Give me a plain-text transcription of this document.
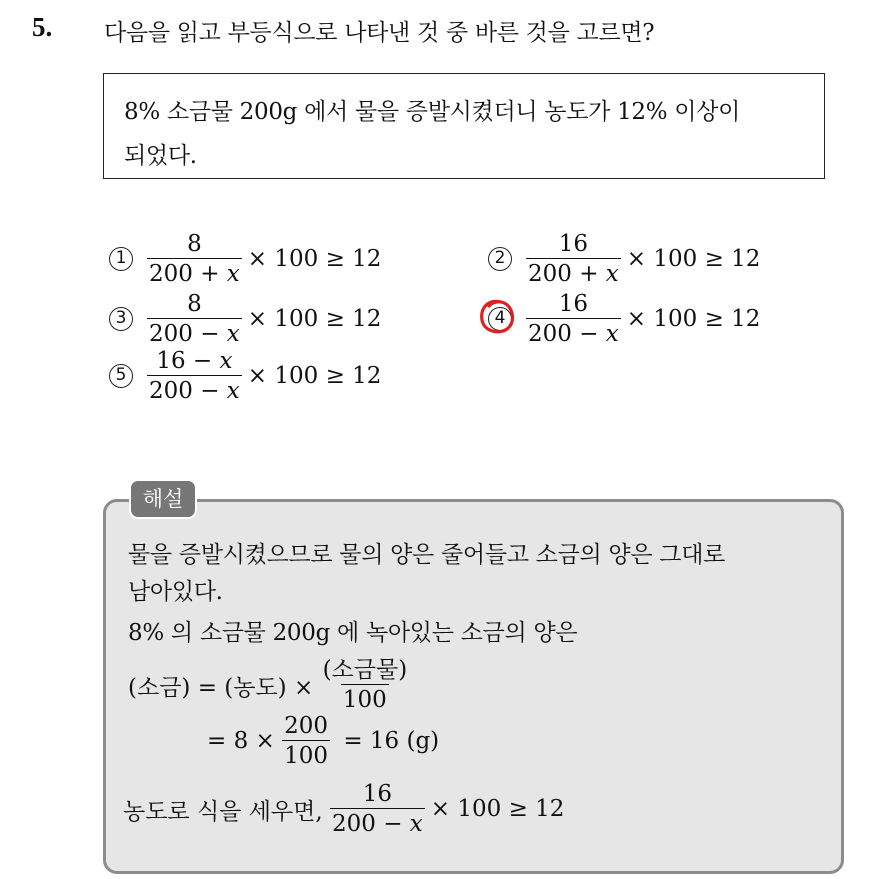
5. 다음을 읽고 부등식으로 나타낸 것 중 바른 것을 고르면?
8% 소금물 200g 에서 물을 증발시켰더니 농도가 12% 이상이
되었다.
$1 \frac{8}{200 + x} \times 100 \ge 12$	$2 \frac{16}{200 + x} \times 100 \ge 12$
$3 \frac{8}{200 - x} \times 100 \ge 12$	$4 \frac{16}{200 - x} \times 100 \ge 12$
$5 \frac{16 - x}{200 - x} \times 100 \ge 12$
해설
물을 증발시켰으므로 물의 양은 줄어들고 소금의 양은 그대로
남아있다.
8% 의 소금물 200g 에 녹아있는 소금의 양은
(소금) = (농도) × $\frac{\text{(소금물)}}{100}$
= $8 \times \frac{200}{100} = 16$ (g)
농도로 식을 세우면, $\frac{16}{200 - x} \times 100 \ge 12$
